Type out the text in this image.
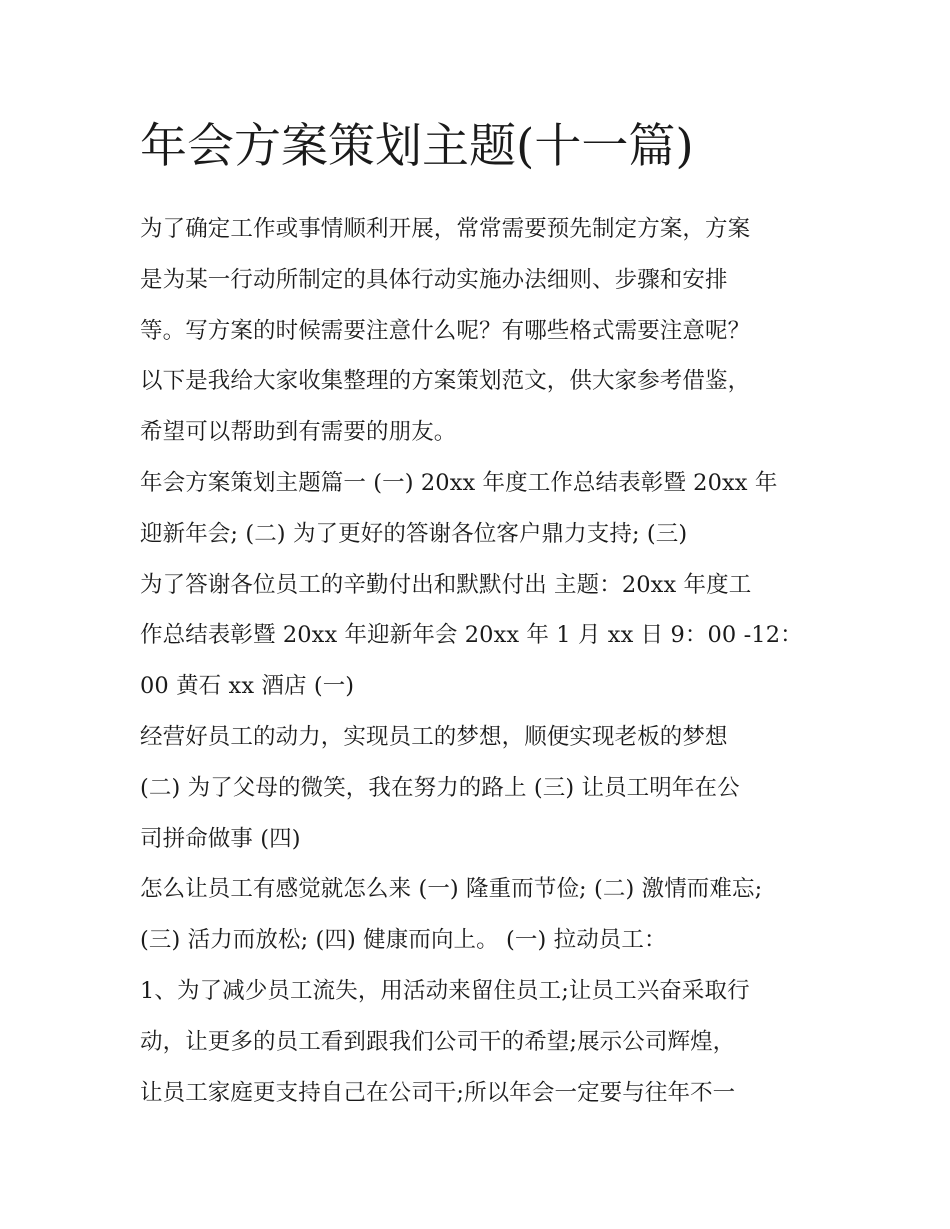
年会方案策划主题(十一篇)
为了确定工作或事情顺利开展，常常需要预先制定方案，方案
是为某一行动所制定的具体行动实施办法细则、步骤和安排
等。写方案的时候需要注意什么呢？有哪些格式需要注意呢？
以下是我给大家收集整理的方案策划范文，供大家参考借鉴，
希望可以帮助到有需要的朋友。
年会方案策划主题篇一 (一) 20xx 年度工作总结表彰暨 20xx 年
迎新年会; (二) 为了更好的答谢各位客户鼎力支持; (三)
为了答谢各位员工的辛勤付出和默默付出 主题：20xx 年度工
作总结表彰暨 20xx 年迎新年会 20xx 年 1 月 xx 日 9：00 -12：
00 黄石 xx 酒店 (一)
经营好员工的动力，实现员工的梦想，顺便实现老板的梦想
(二) 为了父母的微笑，我在努力的路上 (三) 让员工明年在公
司拼命做事 (四)
怎么让员工有感觉就怎么来 (一) 隆重而节俭; (二) 激情而难忘;
(三) 活力而放松; (四) 健康而向上。 (一) 拉动员工：
1、为了减少员工流失，用活动来留住员工;让员工兴奋采取行
动，让更多的员工看到跟我们公司干的希望;展示公司辉煌，
让员工家庭更支持自己在公司干;所以年会一定要与往年不一
